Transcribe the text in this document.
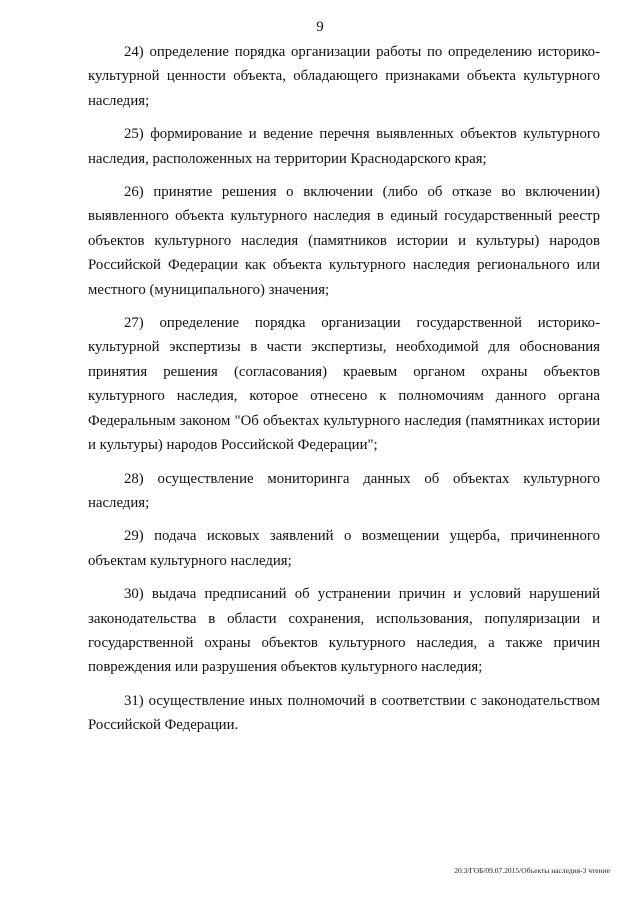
9

24) определение порядка организации работы по определению историко-культурной ценности объекта, обладающего признаками объекта культурного наследия;

25) формирование и ведение перечня выявленных объектов культурного наследия, расположенных на территории Краснодарского края;

26) принятие решения о включении (либо об отказе во включении) выявленного объекта культурного наследия в единый государственный реестр объектов культурного наследия (памятников истории и культуры) народов Российской Федерации как объекта культурного наследия регионального или местного (муниципального) значения;

27) определение порядка организации государственной историко-культурной экспертизы в части экспертизы, необходимой для обоснования принятия решения (согласования) краевым органом охраны объектов культурного наследия, которое отнесено к полномочиям данного органа Федеральным законом "Об объектах культурного наследия (памятниках истории и культуры) народов Российской Федерации";

28) осуществление мониторинга данных об объектах культурного наследия;

29) подача исковых заявлений о возмещении ущерба, причиненного объектам культурного наследия;

30) выдача предписаний об устранении причин и условий нарушений законодательства в области сохранения, использования, популяризации и государственной охраны объектов культурного наследия, а также причин повреждения или разрушения объектов культурного наследия;

31) осуществление иных полномочий в соответствии с законодательством Российской Федерации.

20.3/ГОБ/09.07.2015/Объекты наследия-3 чтение
